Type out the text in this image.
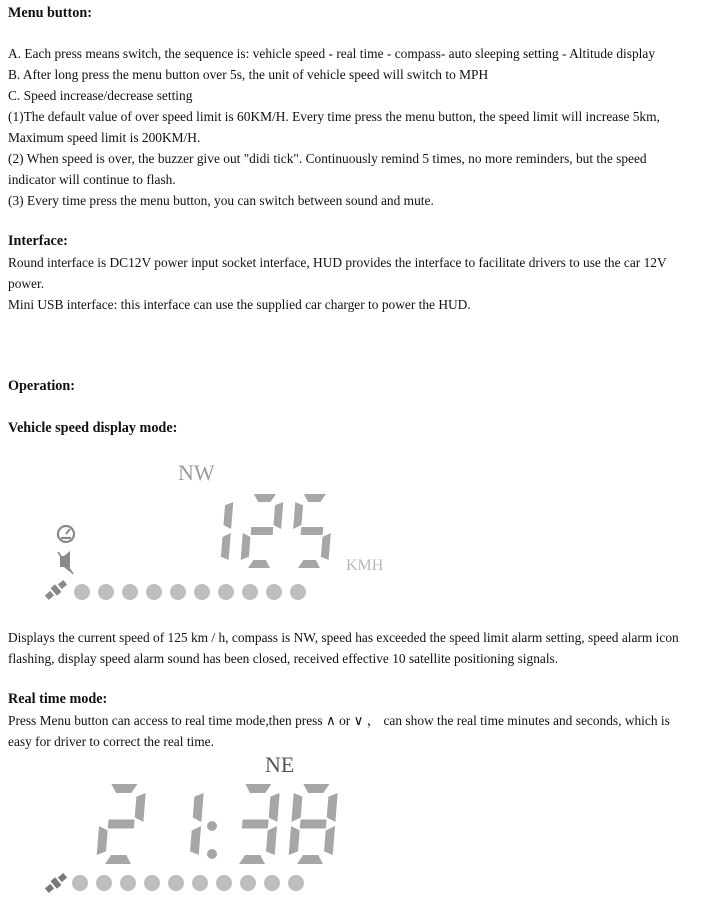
Menu button:
A. Each press means switch, the sequence is: vehicle speed - real time - compass- auto sleeping setting - Altitude display
B. After long press the menu button over 5s, the unit of vehicle speed will switch to MPH
C. Speed increase/decrease setting
(1)The default value of over speed limit is 60KM/H. Every time press the menu button, the speed limit will increase 5km,
Maximum speed limit is 200KM/H.
(2) When speed is over, the buzzer give out "didi tick". Continuously remind 5 times, no more reminders, but the speed
indicator will continue to flash.
(3) Every time press the menu button, you can switch between sound and mute.
Interface:
Round interface is DC12V power input socket interface, HUD provides the interface to facilitate drivers to use the car 12V
power.
Mini USB interface: this interface can use the supplied car charger to power the HUD.
Operation:
Vehicle speed display mode:
NW
KMH
Displays the current speed of 125 km / h, compass is NW, speed has exceeded the speed limit alarm setting, speed alarm icon
flashing, display speed alarm sound has been closed, received effective 10 satellite positioning signals.
Real time mode:
Press Menu button can access to real time mode,then press ∧ or ∨ ， can show the real time minutes and seconds, which is
easy for driver to correct the real time.
NE
